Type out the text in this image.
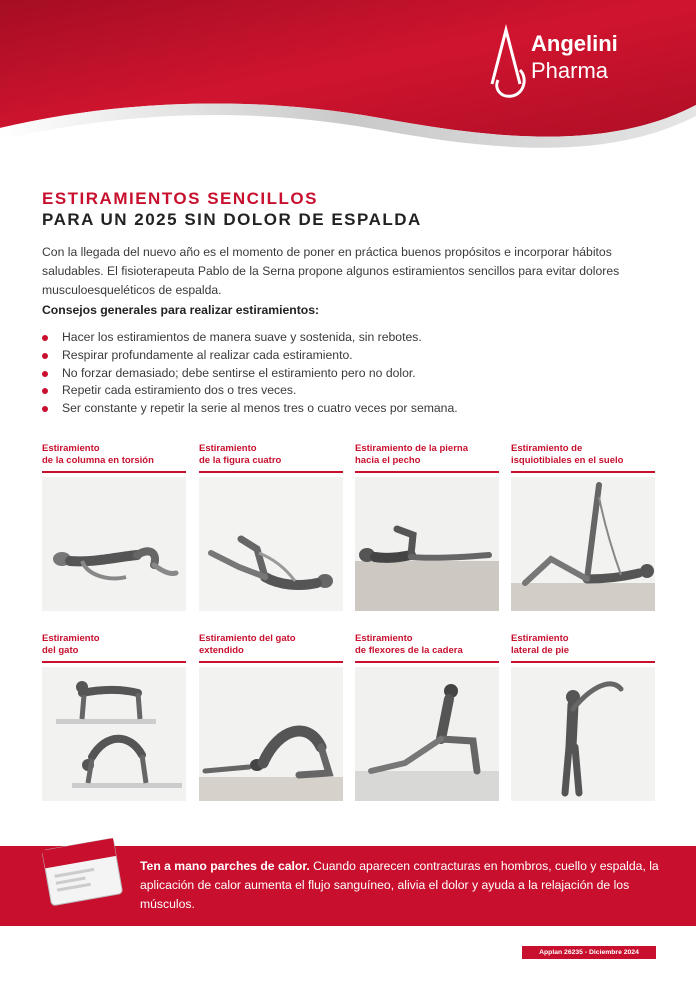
Angelini
Pharma
ESTIRAMIENTOS SENCILLOS
PARA UN 2025 SIN DOLOR DE ESPALDA

Con la llegada del nuevo año es el momento de poner en práctica buenos propósitos e incorporar hábitos saludables. El fisioterapeuta Pablo de la Serna propone algunos estiramientos sencillos para evitar dolores musculoesqueléticos de espalda.

Consejos generales para realizar estiramientos:
Hacer los estiramientos de manera suave y sostenida, sin rebotes.
Respirar profundamente al realizar cada estiramiento.
No forzar demasiado; debe sentirse el estiramiento pero no dolor.
Repetir cada estiramiento dos o tres veces.
Ser constante y repetir la serie al menos tres o cuatro veces por semana.
Estiramiento
de la columna en torsión
Estiramiento
de la figura cuatro
Estiramiento de la pierna
hacia el pecho
Estiramiento de
isquiotibiales en el suelo
Estiramiento
del gato
Estiramiento del gato
extendido
Estiramiento
de flexores de la cadera
Estiramiento
lateral de pie

Ten a mano parches de calor. Cuando aparecen contracturas en hombros, cuello y espalda, la aplicación de calor aumenta el flujo sanguíneo, alivia el dolor y ayuda a la relajación de los músculos.

Applan 26235 - Diciembre 2024
